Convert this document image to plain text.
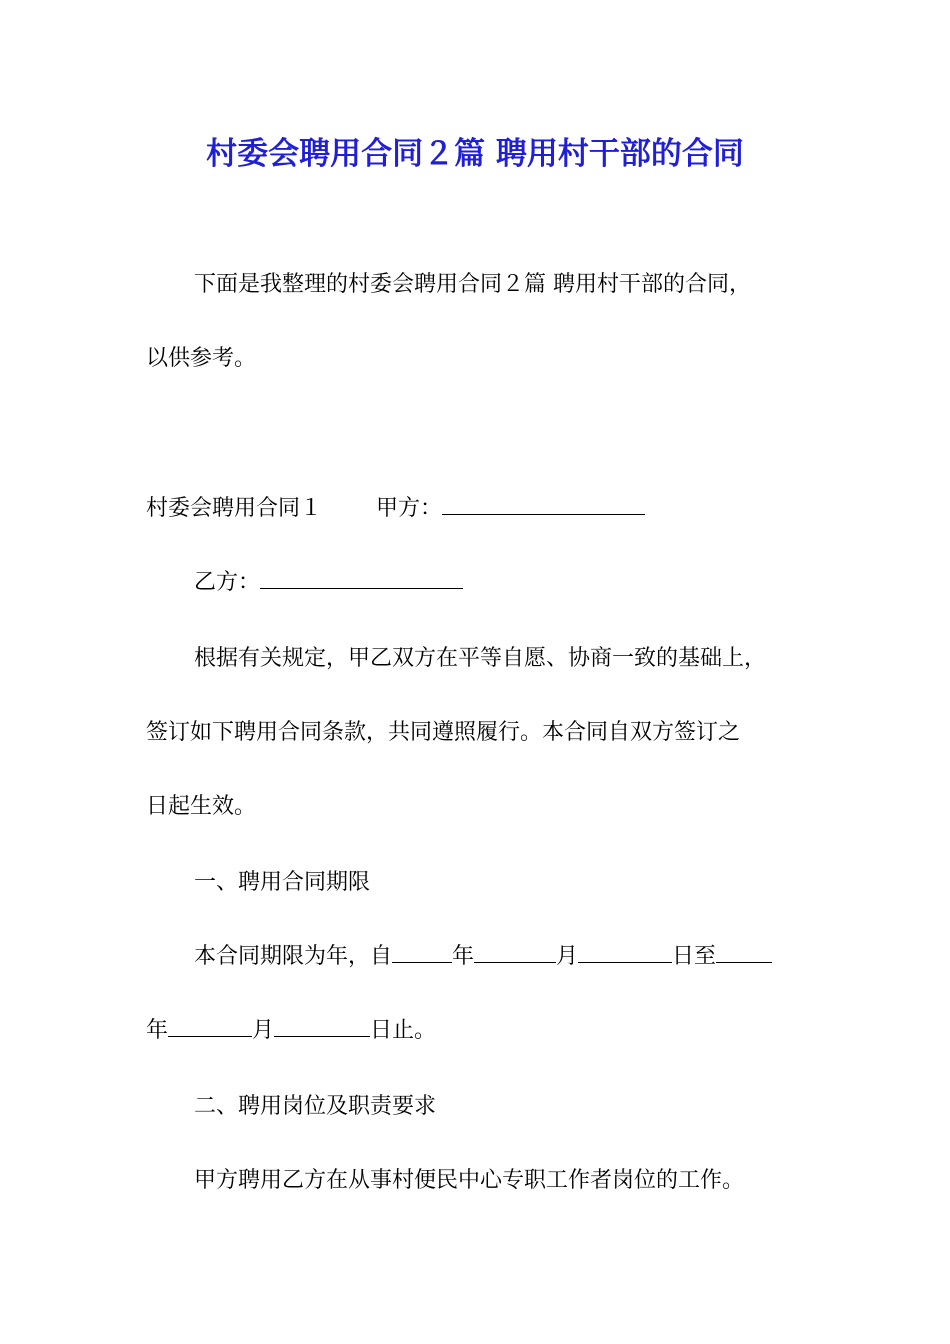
村委会聘用合同２篇 聘用村干部的合同
下面是我整理的村委会聘用合同２篇 聘用村干部的合同，
以供参考。
村委会聘用合同１ 甲方：
乙方：
根据有关规定，甲乙双方在平等自愿、协商一致的基础上，
签订如下聘用合同条款，共同遵照履行。本合同自双方签订之
日起生效。
一、聘用合同期限
本合同期限为年，自	年	月	日至
年	月	日止。
二、聘用岗位及职责要求
甲方聘用乙方在从事村便民中心专职工作者岗位的工作。
